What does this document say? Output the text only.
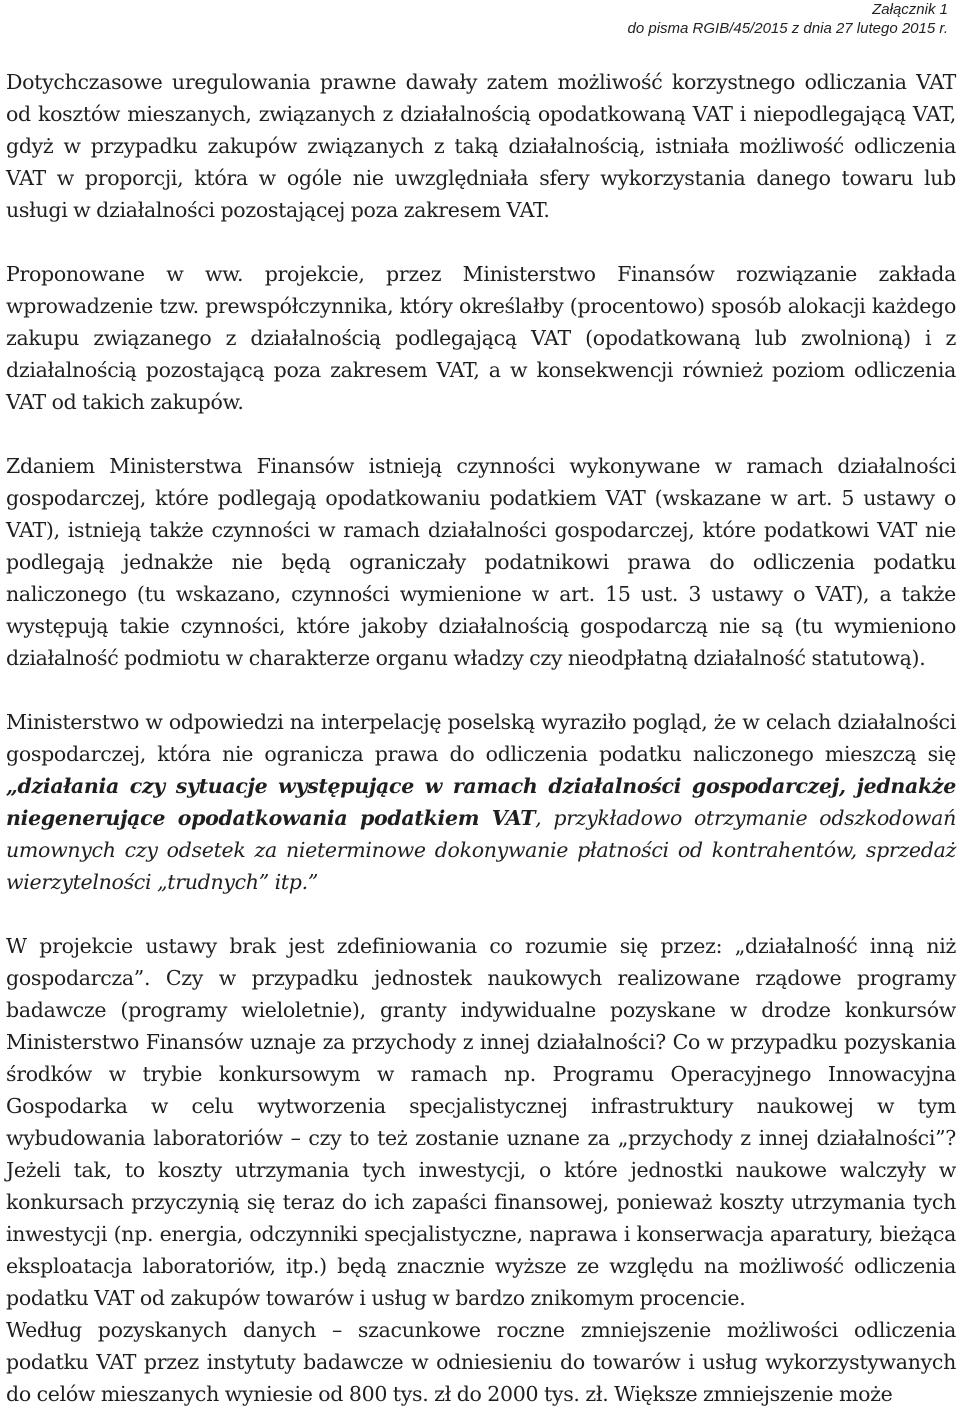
Załącznik 1
do pisma RGIB/45/2015 z dnia 27 lutego 2015 r.

Dotychczasowe uregulowania prawne dawały zatem możliwość korzystnego odliczania VAT od kosztów mieszanych, związanych z działalnością opodatkowaną VAT i niepodlegającą VAT, gdyż w przypadku zakupów związanych z taką działalnością, istniała możliwość odliczenia VAT w proporcji, która w ogóle nie uwzględniała sfery wykorzystania danego towaru lub usługi w działalności pozostającej poza zakresem VAT.

Proponowane w ww. projekcie, przez Ministerstwo Finansów rozwiązanie zakłada wprowadzenie tzw. prewspółczynnika, który określałby (procentowo) sposób alokacji każdego zakupu związanego z działalnością podlegającą VAT (opodatkowaną lub zwolnioną) i z działalnością pozostającą poza zakresem VAT, a w konsekwencji również poziom odliczenia VAT od takich zakupów.

Zdaniem Ministerstwa Finansów istnieją czynności wykonywane w ramach działalności gospodarczej, które podlegają opodatkowaniu podatkiem VAT (wskazane w art. 5 ustawy o VAT), istnieją także czynności w ramach działalności gospodarczej, które podatkowi VAT nie podlegają jednakże nie będą ograniczały podatnikowi prawa do odliczenia podatku naliczonego (tu wskazano, czynności wymienione w art. 15 ust. 3 ustawy o VAT), a także występują takie czynności, które jakoby działalnością gospodarczą nie są (tu wymieniono działalność podmiotu w charakterze organu władzy czy nieodpłatną działalność statutową).

Ministerstwo w odpowiedzi na interpelację poselską wyraziło pogląd, że w celach działalności gospodarczej, która nie ogranicza prawa do odliczenia podatku naliczonego mieszczą się „działania czy sytuacje występujące w ramach działalności gospodarczej, jednakże niegenerujące opodatkowania podatkiem VAT, przykładowo otrzymanie odszkodowań umownych czy odsetek za nieterminowe dokonywanie płatności od kontrahentów, sprzedaż wierzytelności „trudnych” itp.”

W projekcie ustawy brak jest zdefiniowania co rozumie się przez: „działalność inną niż gospodarcza”. Czy w przypadku jednostek naukowych realizowane rządowe programy badawcze (programy wieloletnie), granty indywidualne pozyskane w drodze konkursów Ministerstwo Finansów uznaje za przychody z innej działalności? Co w przypadku pozyskania środków w trybie konkursowym w ramach np. Programu Operacyjnego Innowacyjna Gospodarka w celu wytworzenia specjalistycznej infrastruktury naukowej w tym wybudowania laboratoriów – czy to też zostanie uznane za „przychody z innej działalności”? Jeżeli tak, to koszty utrzymania tych inwestycji, o które jednostki naukowe walczyły w konkursach przyczynią się teraz do ich zapaści finansowej, ponieważ koszty utrzymania tych inwestycji (np. energia, odczynniki specjalistyczne, naprawa i konserwacja aparatury, bieżąca eksploatacja laboratoriów, itp.) będą znacznie wyższe ze względu na możliwość odliczenia podatku VAT od zakupów towarów i usług w bardzo znikomym procencie.

Według pozyskanych danych – szacunkowe roczne zmniejszenie możliwości odliczenia podatku VAT przez instytuty badawcze w odniesieniu do towarów i usług wykorzystywanych do celów mieszanych wyniesie od 800 tys. zł do 2000 tys. zł. Większe zmniejszenie może
